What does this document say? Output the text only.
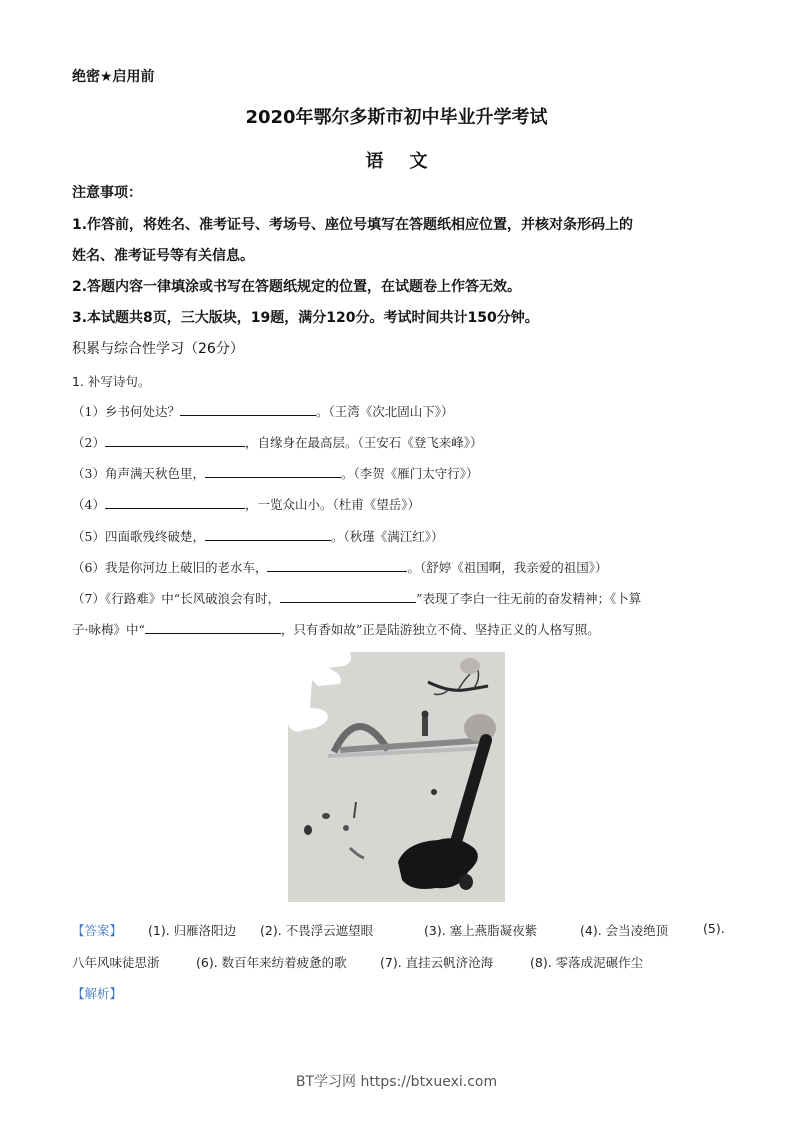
绝密★启用前
2020年鄂尔多斯市初中毕业升学考试
语 文
注意事项：
1.作答前，将姓名、准考证号、考场号、座位号填写在答题纸相应位置，并核对条形码上的
姓名、准考证号等有关信息。
2.答题内容一律填涂或书写在答题纸规定的位置，在试题卷上作答无效。
3.本试题共8页，三大版块，19题，满分120分。考试时间共计150分钟。
积累与综合性学习（26分）
1. 补写诗句。
（1）乡书何处达？	。（王湾《次北固山下》）
（2）	，自缘身在最高层。（王安石《登飞来峰》）
（3）角声满天秋色里，	。（李贺《雁门太守行》）
（4）	，一览众山小。（杜甫《望岳》）
（5）四面歌残终破楚，	。（秋瑾《满江红》）
（6）我是你河边上破旧的老水车，	。（舒婷《祖国啊，我亲爱的祖国》）
（7）《行路难》中“长风破浪会有时，	”表现了李白一往无前的奋发精神；《卜算
子·咏梅》中“	，只有香如故”正是陆游独立不倚、坚持正义的人格写照。
【答案】 (1). 归雁洛阳边 (2). 不畏浮云遮望眼	(3). 塞上燕脂凝夜紫	(4). 会当凌绝顶	(5).
八年风味徒思浙	(6). 数百年来纺着疲惫的歌	(7). 直挂云帆济沧海	(8). 零落成泥碾作尘
【解析】
BT学习网 https://btxuexi.com
